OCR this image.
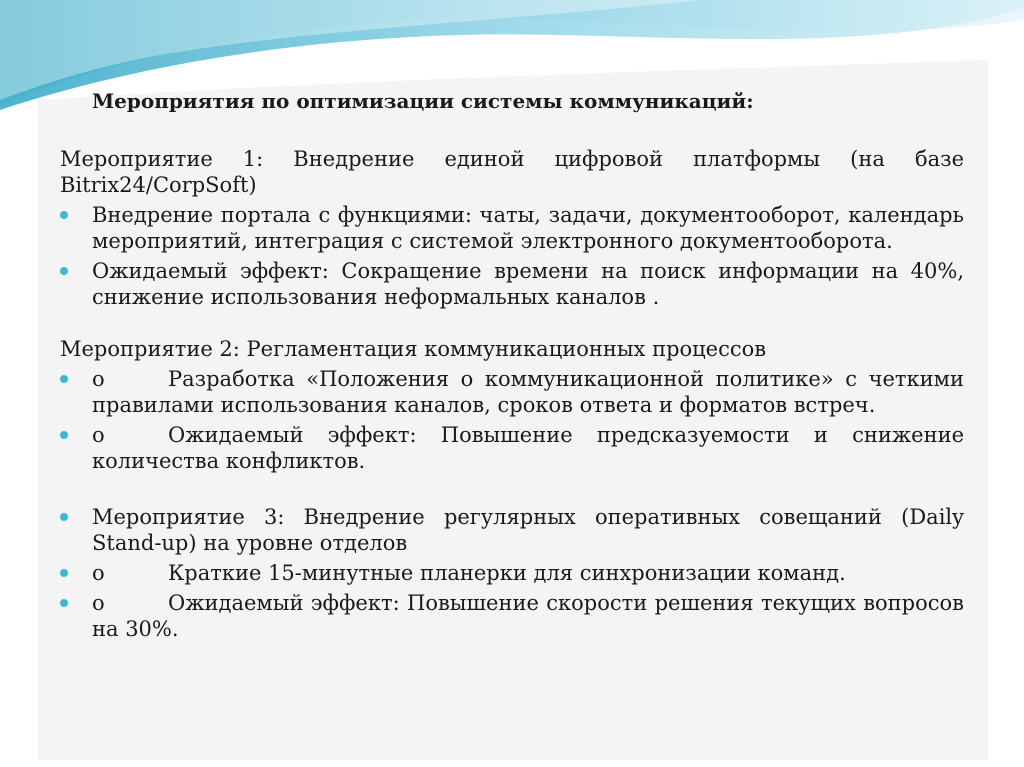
Мероприятия по оптимизации системы коммуникаций:
Мероприятие 1: Внедрение единой цифровой платформы (на базе Bitrix24/CorpSoft)
Внедрение портала с функциями: чаты, задачи, документооборот, календарь мероприятий, интеграция с системой электронного документооборота.
Ожидаемый эффект: Сокращение времени на поиск информации на 40%, снижение использования неформальных каналов .
Мероприятие 2: Регламентация коммуникационных процессов
o	Разработка «Положения о коммуникационной политике» с четкими правилами использования каналов, сроков ответа и форматов встреч.
o	Ожидаемый эффект: Повышение предсказуемости и снижение количества конфликтов.
Мероприятие 3: Внедрение регулярных оперативных совещаний (Daily Stand-up) на уровне отделов
o	Краткие 15-минутные планерки для синхронизации команд.
o	Ожидаемый эффект: Повышение скорости решения текущих вопросов на 30%.
